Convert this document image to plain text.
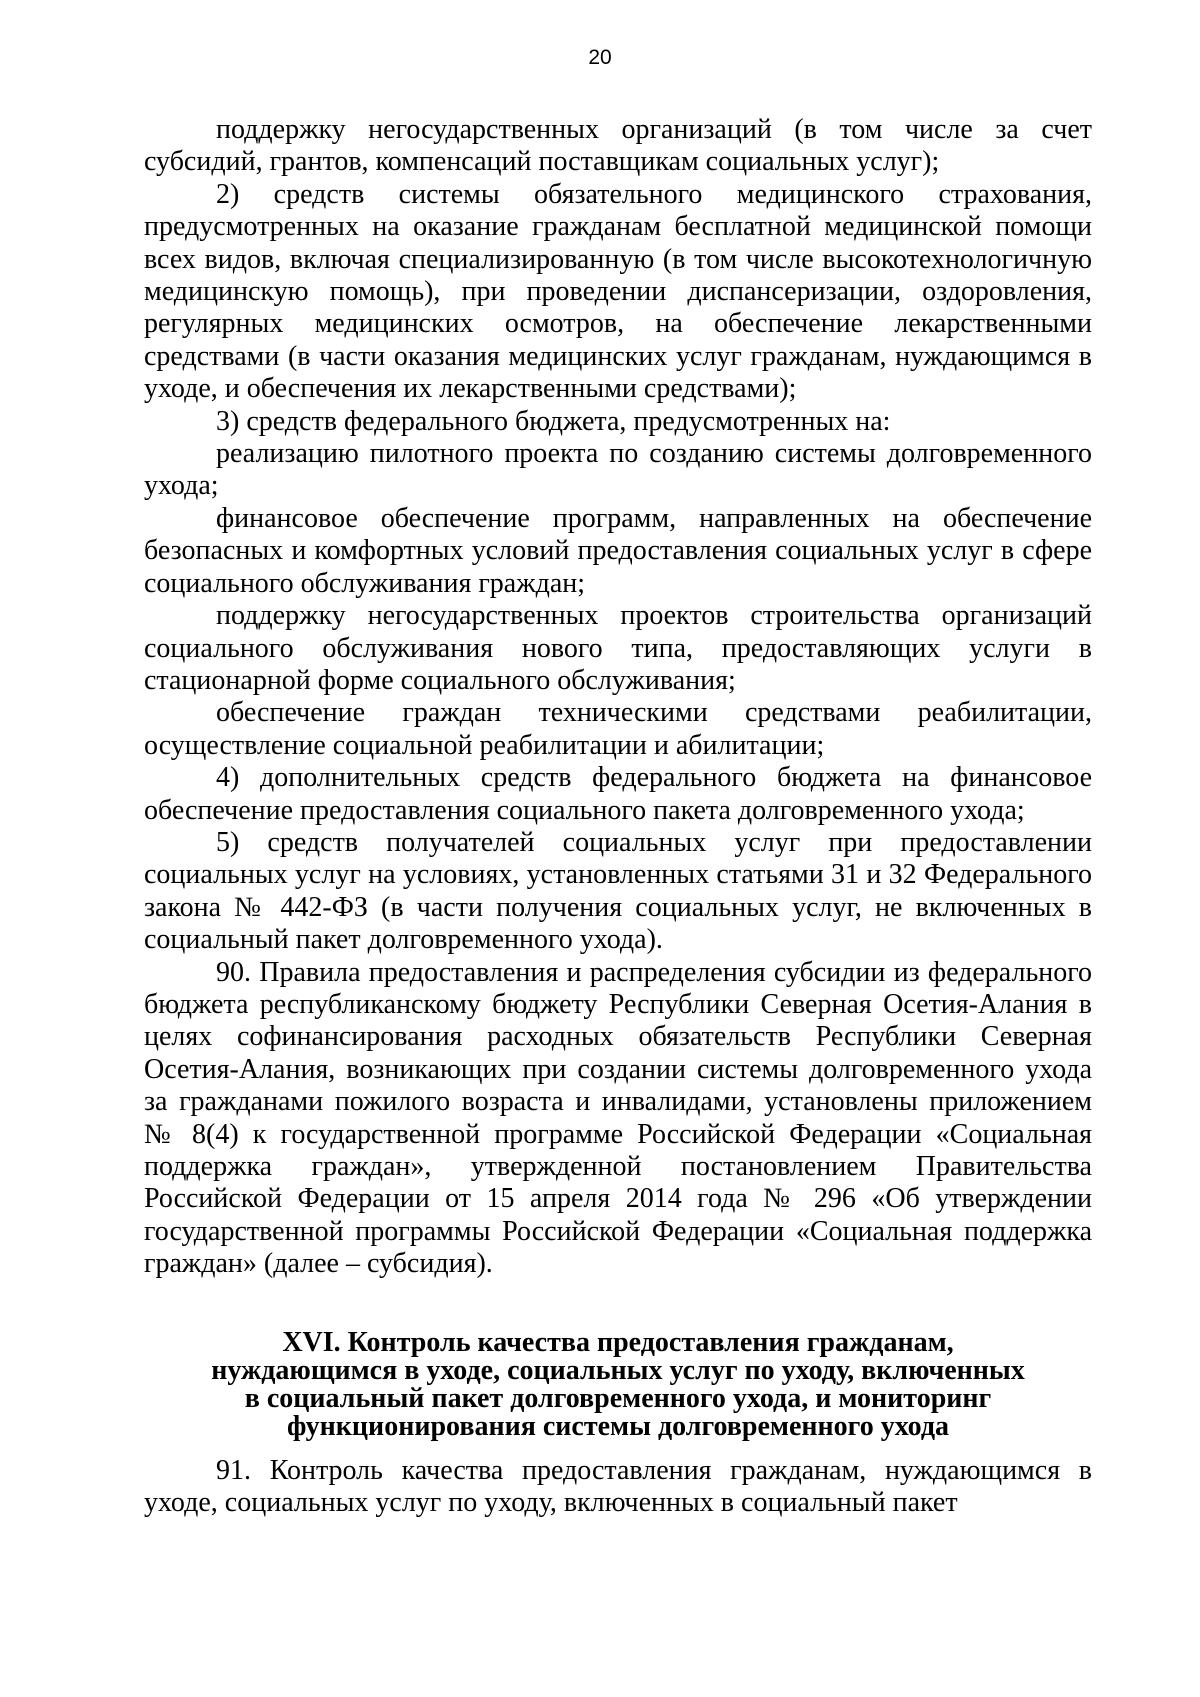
20

поддержку негосударственных организаций (в том числе за счет субсидий, грантов, компенсаций поставщикам социальных услуг);

2) средств системы обязательного медицинского страхования, предусмотренных на оказание гражданам бесплатной медицинской помощи всех видов, включая специализированную (в том числе высокотехнологичную медицинскую помощь), при проведении диспансеризации, оздоровления, регулярных медицинских осмотров, на обеспечение лекарственными средствами (в части оказания медицинских услуг гражданам, нуждающимся в уходе, и обеспечения их лекарственными средствами);

3) средств федерального бюджета, предусмотренных на:

реализацию пилотного проекта по созданию системы долговременного ухода;

финансовое обеспечение программ, направленных на обеспечение безопасных и комфортных условий предоставления социальных услуг в сфере социального обслуживания граждан;

поддержку негосударственных проектов строительства организаций социального обслуживания нового типа, предоставляющих услуги в стационарной форме социального обслуживания;

обеспечение граждан техническими средствами реабилитации, осуществление социальной реабилитации и абилитации;

4) дополнительных средств федерального бюджета на финансовое обеспечение предоставления социального пакета долговременного ухода;

5) средств получателей социальных услуг при предоставлении социальных услуг на условиях, установленных статьями 31 и 32 Федерального закона № 442-ФЗ (в части получения социальных услуг, не включенных в социальный пакет долговременного ухода).

90. Правила предоставления и распределения субсидии из федерального бюджета республиканскому бюджету Республики Северная Осетия-Алания в целях софинансирования расходных обязательств Республики Северная Осетия-Алания, возникающих при создании системы долговременного ухода за гражданами пожилого возраста и инвалидами, установлены приложением № 8(4) к государственной программе Российской Федерации «Социальная поддержка граждан», утвержденной постановлением Правительства Российской Федерации от 15 апреля 2014 года № 296 «Об утверждении государственной программы Российской Федерации «Социальная поддержка граждан» (далее – субсидия).

XVI. Контроль качества предоставления гражданам,
нуждающимся в уходе, социальных услуг по уходу, включенных
в социальный пакет долговременного ухода, и мониторинг
функционирования системы долговременного ухода

91. Контроль качества предоставления гражданам, нуждающимся в уходе, социальных услуг по уходу, включенных в социальный пакет
